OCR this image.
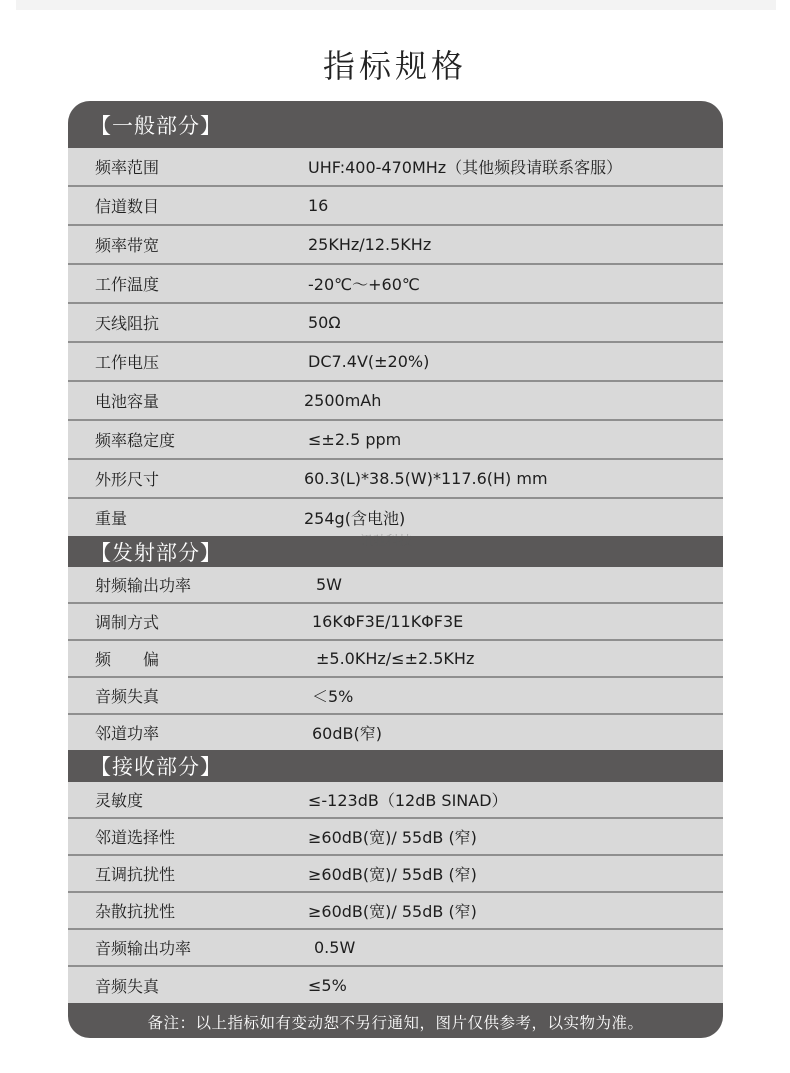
指标规格
【一般部分】
频率范围	UHF:400-470MHz（其他频段请联系客服）
信道数目	16
频率带宽	25KHz/12.5KHz
工作温度	-20℃～+60℃
天线阻抗	50Ω
工作电压	DC7.4V(±20%)
电池容量	2500mAh
频率稳定度	≤±2.5 ppm
外形尺寸	60.3(L)*38.5(W)*117.6(H) mm
重量	254g(含电池)
【发射部分】
射频输出功率	5W
调制方式	16KΦF3E/11KΦF3E
频　　偏	±5.0KHz/≤±2.5KHz
音频失真	＜5%
邻道功率	60dB(窄)
【接收部分】
灵敏度	≤-123dB（12dB SINAD）
邻道选择性	≥60dB(宽)/ 55dB (窄)
互调抗扰性	≥60dB(宽)/ 55dB (窄)
杂散抗扰性	≥60dB(宽)/ 55dB (窄)
音频输出功率	0.5W
音频失真	≤5%
备注：以上指标如有变动恕不另行通知，图片仅供参考，以实物为准。
讯驰科技
